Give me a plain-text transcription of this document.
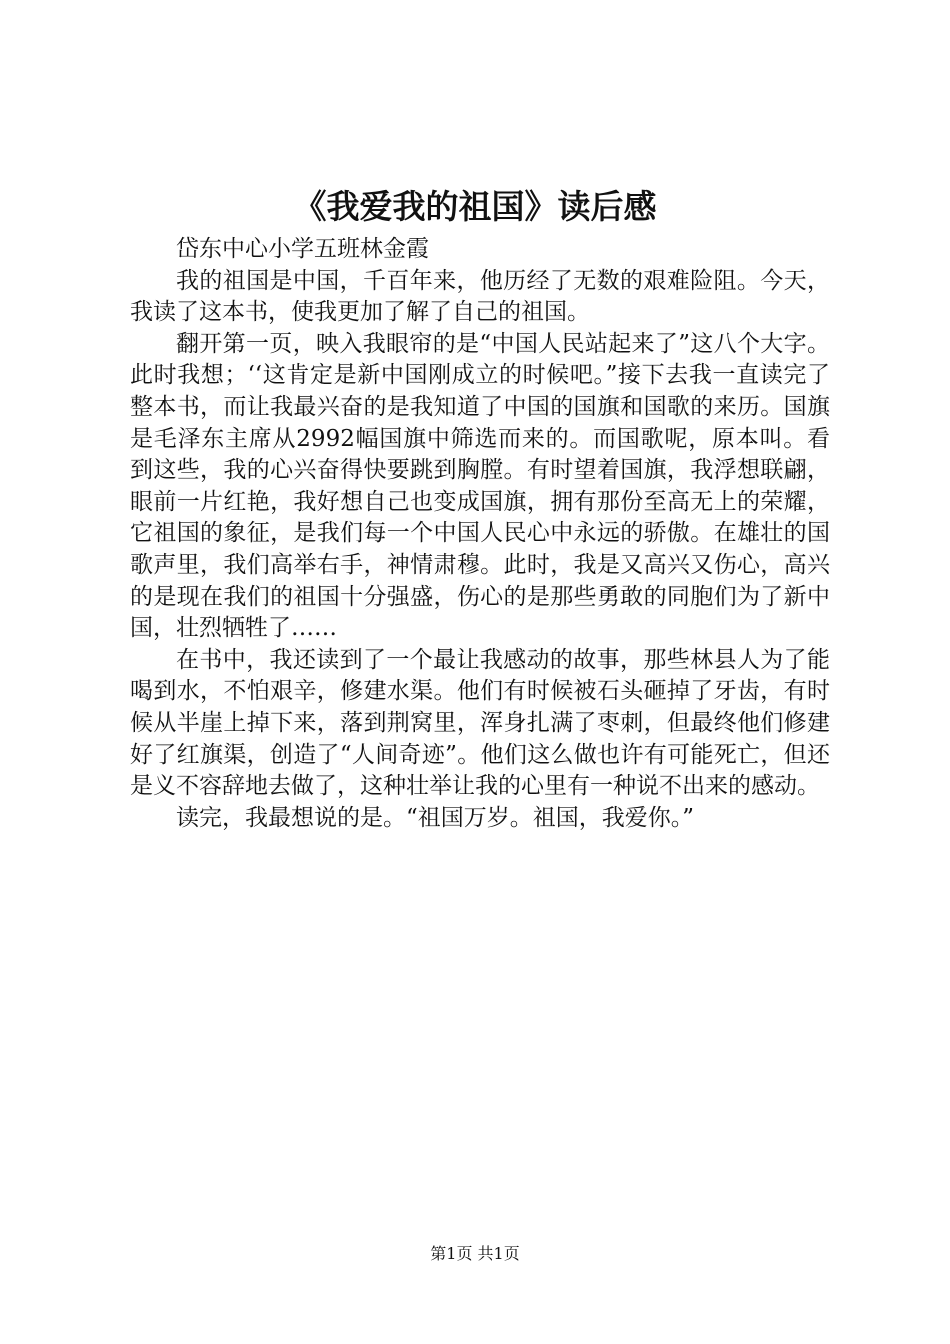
《我爱我的祖国》读后感

岱东中心小学五班林金霞

我的祖国是中国，千百年来，他历经了无数的艰难险阻。今天，我读了这本书，使我更加了解了自己的祖国。

翻开第一页，映入我眼帘的是“中国人民站起来了”这八个大字。此时我想；‘‘这肯定是新中国刚成立的时候吧。”接下去我一直读完了整本书，而让我最兴奋的是我知道了中国的国旗和国歌的来历。国旗是毛泽东主席从2992幅国旗中筛选而来的。而国歌呢，原本叫。看到这些，我的心兴奋得快要跳到胸膛。有时望着国旗，我浮想联翩，眼前一片红艳，我好想自己也变成国旗，拥有那份至高无上的荣耀，它祖国的象征，是我们每一个中国人民心中永远的骄傲。在雄壮的国歌声里，我们高举右手，神情肃穆。此时，我是又高兴又伤心，高兴的是现在我们的祖国十分强盛，伤心的是那些勇敢的同胞们为了新中国，壮烈牺牲了……

在书中，我还读到了一个最让我感动的故事，那些林县人为了能喝到水，不怕艰辛，修建水渠。他们有时候被石头砸掉了牙齿，有时候从半崖上掉下来，落到荆窝里，浑身扎满了枣刺，但最终他们修建好了红旗渠，创造了“人间奇迹”。他们这么做也许有可能死亡，但还是义不容辞地去做了，这种壮举让我的心里有一种说不出来的感动。

读完，我最想说的是。“祖国万岁。祖国，我爱你。”

第1页 共1页
